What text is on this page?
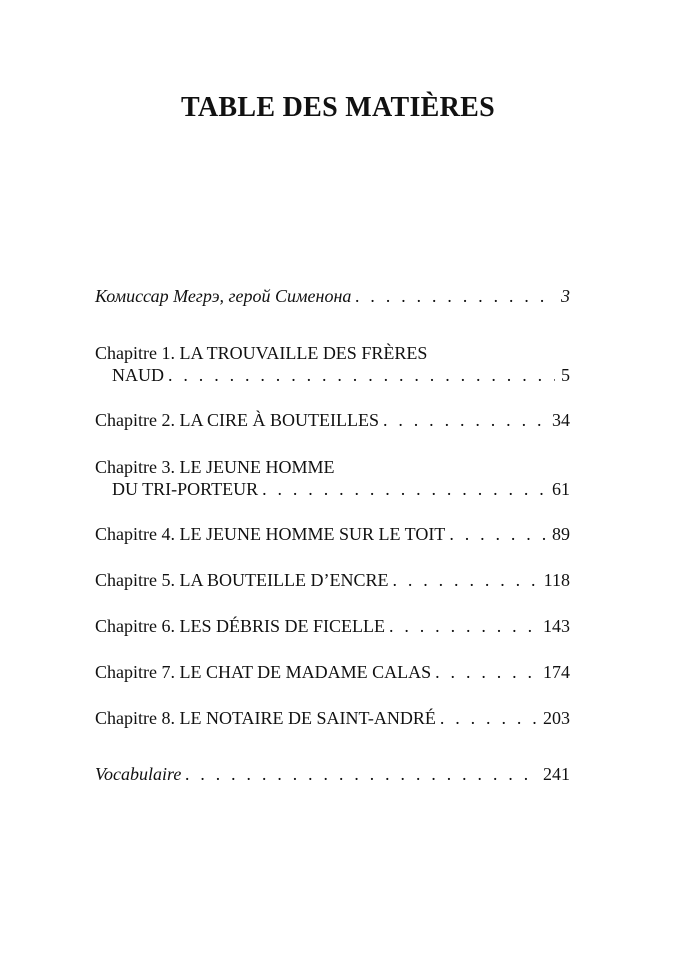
TABLE DES MATIÈRES
Комиссар Мегрэ, герой Сименона . . .	3
Chapitre 1. LA TROUVAILLE DES FRÈRES
NAUD . . .	5
Chapitre 2. LA CIRE À BOUTEILLES . . .	34
Chapitre 3. LE JEUNE HOMME
DU TRI-PORTEUR . . .	61
Chapitre 4. LE JEUNE HOMME SUR LE TOIT . . .	89
Chapitre 5. LA BOUTEILLE D’ENCRE . . .	118
Chapitre 6. LES DÉBRIS DE FICELLE . . .	143
Chapitre 7. LE CHAT DE MADAME CALAS . . .	174
Chapitre 8. LE NOTAIRE DE SAINT-ANDRÉ . . .	203
Vocabulaire . . .	241
